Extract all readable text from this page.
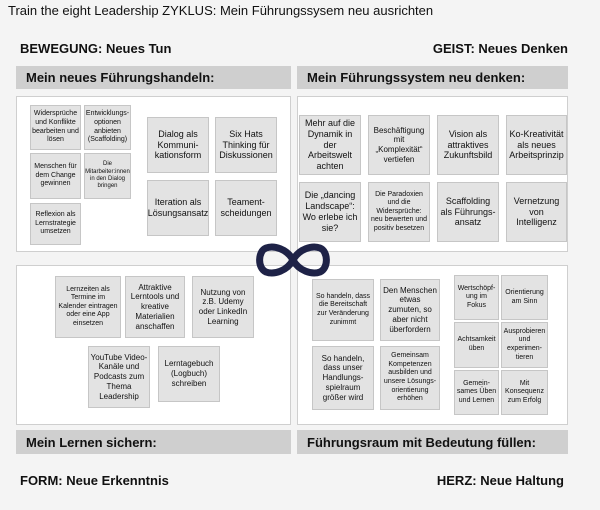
Train the eight Leadership ZYKLUS: Mein Führungssysem neu ausrichten
BEWEGUNG: Neues Tun	GEIST: Neues Denken
FORM: Neue Erkenntnis	HERZ: Neue Haltung
Mein neues Führungshandeln:	Mein Führungssystem neu denken:
Mein Lernen sichern:	Führungsraum mit Bedeutung füllen:
Widersprüche und Konflikte bearbeiten und lösen
Entwicklungs-optionen anbieten (Scaffolding)
Menschen für dem Change gewinnen
Die Mitarbeiter:innen in den Dialog bringen
Reflexion als Lernstrategie umsetzen
Dialog als Kommuni-kationsform
Six Hats Thinking für Diskussionen
Iteration als Lösungsansatz
Teament-scheidungen
Mehr auf die Dynamik in der Arbeitswelt achten
Beschäftigung mit „Komplexität“ vertiefen
Vision als attraktives Zukunftsbild
Ko-Kreativität als neues Arbeitsprinzip
Die „dancing Landscape“: Wo erlebe ich sie?
Die Paradoxien und die Widersprüche: neu bewerten und positiv besetzen
Scaffolding als Führungs-ansatz
Vernetzung von Intelligenz
Lernzeiten als Termine im Kalender eintragen oder eine App einsetzen
Attraktive Lerntools und kreative Materialien anschaffen
Nutzung von z.B. Udemy oder LinkedIn Learning
YouTube Video-Kanäle und Podcasts zum Thema Leadership
Lerntagebuch (Logbuch) schreiben
So handeln, dass die Bereitschaft zur Veränderung zunimmt
Den Menschen etwas zumuten, so aber nicht überfordern
So handeln, dass unser Handlungs-spielraum größer wird
Gemeinsam Kompetenzen ausbilden und unsere Lösungs-orientierung erhöhen
Wertschöpf-ung im Fokus
Orientierung am Sinn
Achtsamkeit üben
Ausprobieren und experimen-tieren
Gemein-sames Üben und Lernen
Mit Konsequenz zum Erfolg
